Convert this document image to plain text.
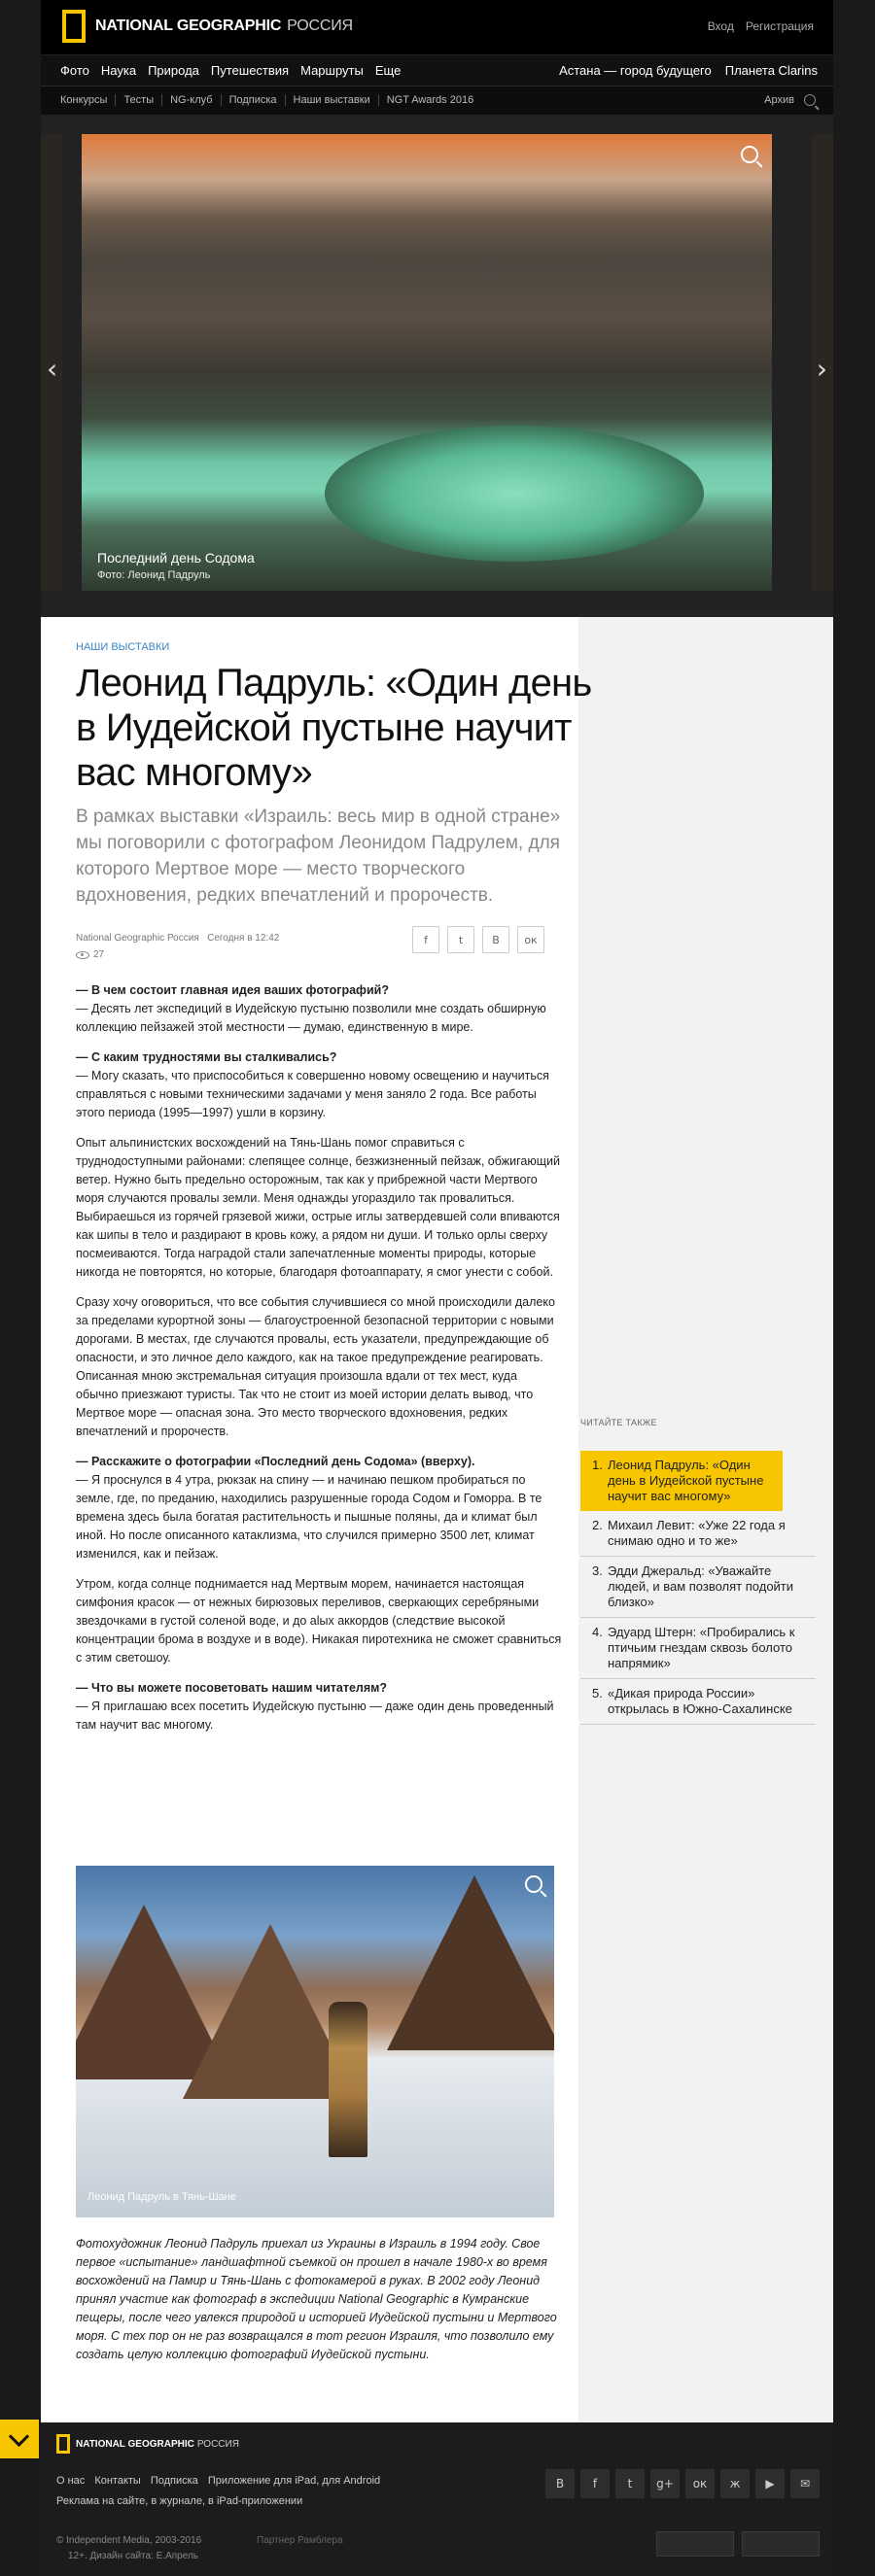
NATIONAL GEOGRAPHIC РОССИЯ	Вход Регистрация
Фото Наука Природа Путешествия Маршруты Еще	Астана — город будущего Планета Clarins
Конкурсы	Тесты	NG-клуб	Подписка	Наши выставки	NGT Awards 2016	Архив
‹	›
Последний день Содома
Фото: Леонид Падруль
НАШИ ВЫСТАВКИ
Леонид Падруль: «Один день в Иудейской пустыне научит вас многому»
В рамках выставки «Израиль: весь мир в одной стране» мы поговорили с фотографом Леонидом Падрулем, для которого Мертвое море — место творческого вдохновения, редких впечатлений и пророчеств.
National Geographic Россия Сегодня в 12:42
27
f	t	В	ок

— В чем состоит главная идея ваших фотографий?
— Десять лет экспедиций в Иудейскую пустыню позволили мне создать обширную коллекцию пейзажей этой местности — думаю, единственную в мире.

— С каким трудностями вы сталкивались?
— Могу сказать, что приспособиться к совершенно новому освещению и научиться справляться с новыми техническими задачами у меня заняло 2 года. Все работы этого периода (1995—1997) ушли в корзину.

Опыт альпинистских восхождений на Тянь-Шань помог справиться с труднодоступными районами: слепящее солнце, безжизненный пейзаж, обжигающий ветер. Нужно быть предельно осторожным, так как у прибрежной части Мертвого моря случаются провалы земли. Меня однажды угораздило так провалиться. Выбираешься из горячей грязевой жижи, острые иглы затвердевшей соли впиваются как шипы в тело и раздирают в кровь кожу, а рядом ни души. И только орлы сверху посмеиваются. Тогда наградой стали запечатленные моменты природы, которые никогда не повторятся, но которые, благодаря фотоаппарату, я смог унести с собой.

Сразу хочу оговориться, что все события случившиеся со мной происходили далеко за пределами курортной зоны — благоустроенной безопасной территории с новыми дорогами. В местах, где случаются провалы, есть указатели, предупреждающие об опасности, и это личное дело каждого, как на такое предупреждение реагировать. Описанная мною экстремальная ситуация произошла вдали от тех мест, куда обычно приезжают туристы. Так что не стоит из моей истории делать вывод, что Мертвое море — опасная зона. Это место творческого вдохновения, редких впечатлений и пророчеств.

— Расскажите о фотографии «Последний день Содома» (вверху).
— Я проснулся в 4 утра, рюкзак на спину — и начинаю пешком пробираться по земле, где, по преданию, находились разрушенные города Содом и Гоморра. В те времена здесь была богатая растительность и пышные поляны, да и климат был иной. Но после описанного катаклизма, что случился примерно 3500 лет, климат изменился, как и пейзаж.

Утром, когда солнце поднимается над Мертвым морем, начинается настоящая симфония красок — от нежных бирюзовых переливов, сверкающих серебряными звездочками в густой соленой воде, и до alых аккордов (следствие высокой концентрации брома в воздухе и в воде). Никакая пиротехника не сможет сравниться с этим светошоу.

— Что вы можете посоветовать нашим читателям?
— Я приглашаю всех посетить Иудейскую пустыню — даже один день проведенный там научит вас многому.

Леонид Падруль в Тянь-Шане
Фотохудожник Леонид Падруль приехал из Украины в Израиль в 1994 году. Свое первое «испытание» ландшафтной съемкой он прошел в начале 1980-х во время восхождений на Памир и Тянь-Шань с фотокамерой в руках. В 2002 году Леонид принял участие как фотограф в экспедиции National Geographic в Кумранские пещеры, после чего увлекся природой и историей Иудейской пустыни и Мертвого моря. С тех пор он не раз возвращался в тот регион Израиля, что позволило ему создать целую коллекцию фотографий Иудейской пустыни.
ЧИТАЙТЕ ТАКЖЕ
1. Леонид Падруль: «Один день в Иудейской пустыне научит вас многому»
2. Михаил Левит: «Уже 22 года я снимаю одно и то же»
3. Эдди Джеральд: «Уважайте людей, и вам позволят подойти близко»
4. Эдуард Штерн: «Пробирались к птичьим гнездам сквозь болото напрямик»
5. «Дикая природа России» открылась в Южно-Сахалинске
NATIONAL GEOGRAPHIC РОССИЯ
О нас Контакты Подписка Приложение для iPad, для Android
Реклама на сайте, в журнале, в iPad-приложении
В	f	t	g+	ок	ж	▶	✉
© Independent Media, 2003-2016
12+. Дизайн сайта: E.Апрель
Партнер Рамблера
